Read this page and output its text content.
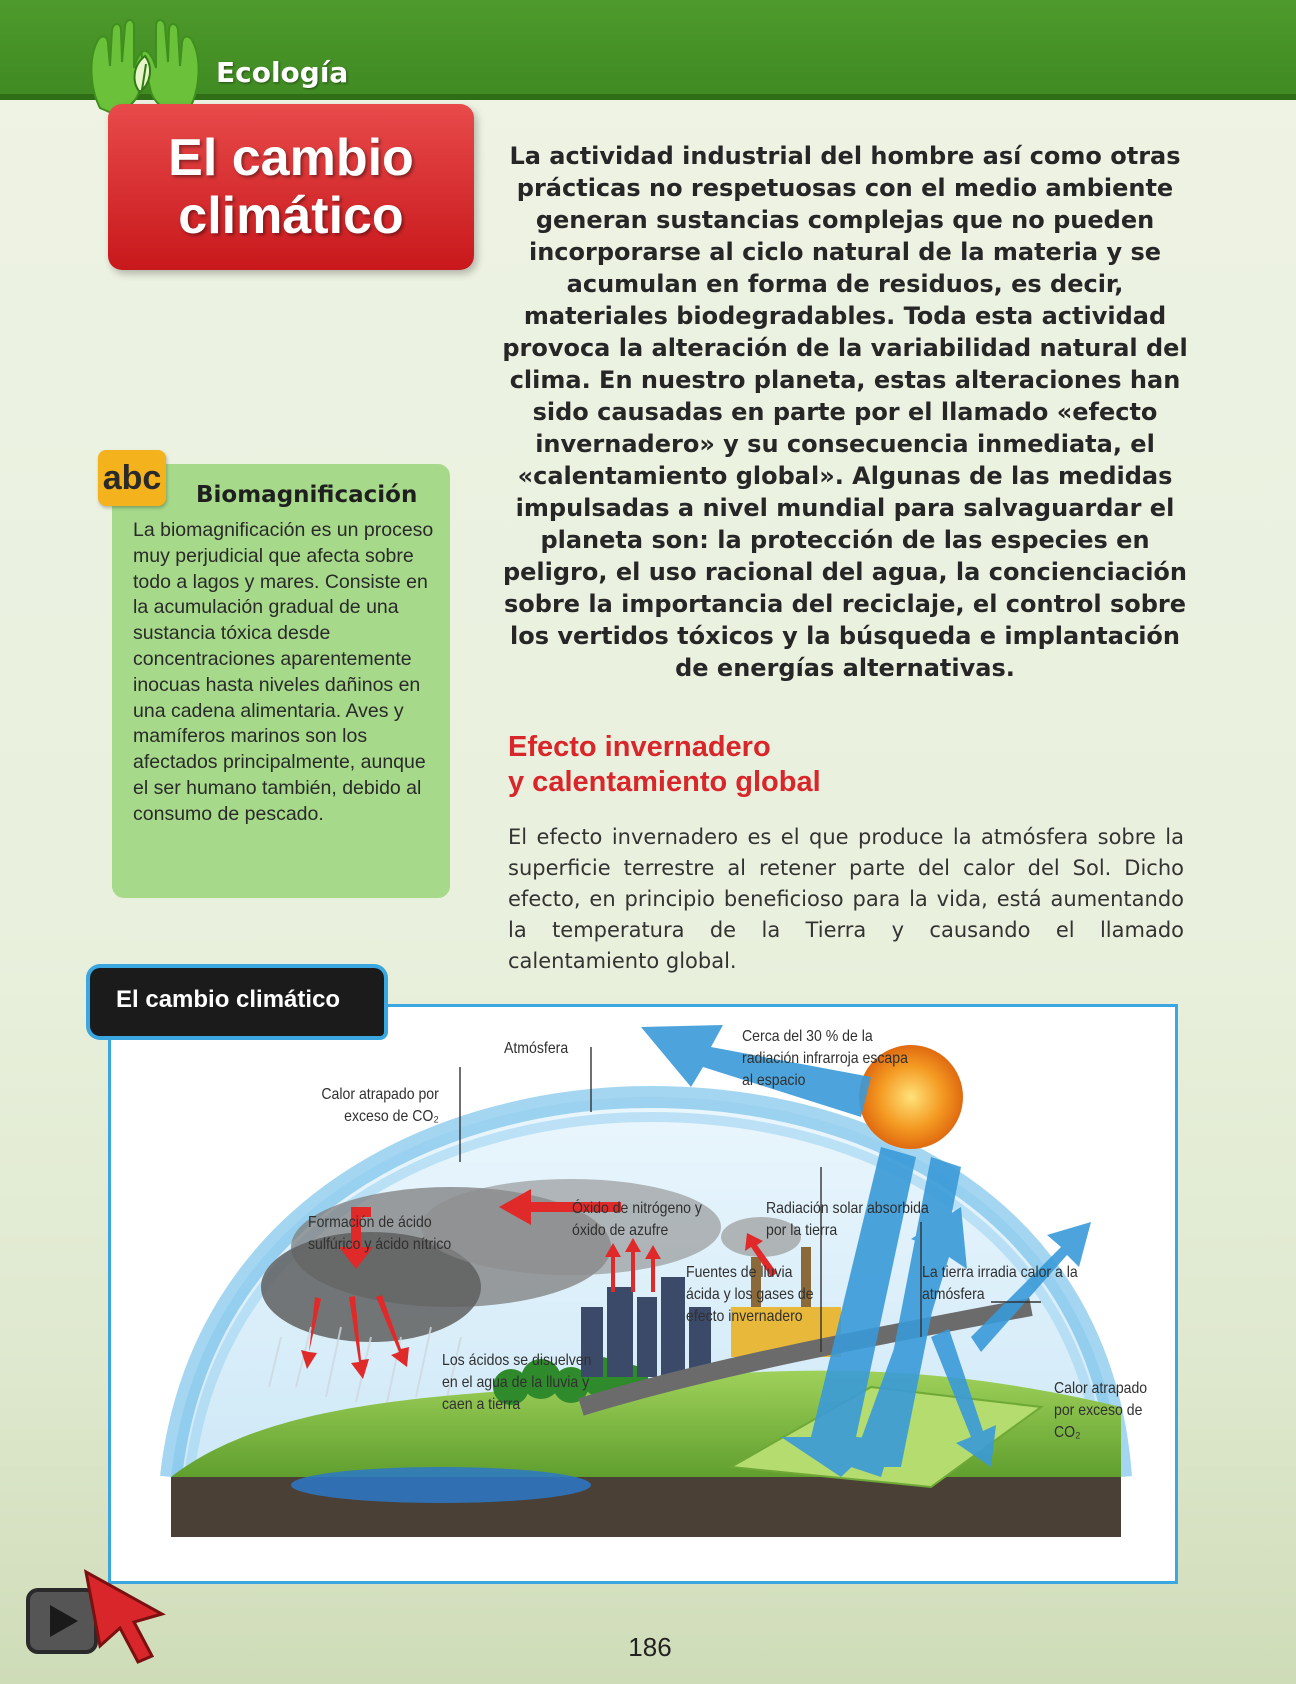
Ecología
El cambio climático
La actividad industrial del hombre así como otras prácticas no respetuosas con el medio ambiente generan sustancias complejas que no pueden incorporarse al ciclo natural de la materia y se acumulan en forma de residuos, es decir, materiales biodegradables. Toda esta actividad provoca la alteración de la variabilidad natural del clima. En nuestro planeta, estas alteraciones han sido causadas en parte por el llamado «efecto invernadero» y su consecuencia inmediata, el «calentamiento global». Algunas de las medidas impulsadas a nivel mundial para salvaguardar el planeta son: la protección de las especies en peligro, el uso racional del agua, la concienciación sobre la importancia del reciclaje, el control sobre los vertidos tóxicos y la búsqueda e implantación de energías alternativas.
abc Biomagnificación
La biomagnificación es un proceso muy perjudicial que afecta sobre todo a lagos y mares. Consiste en la acumulación gradual de una sustancia tóxica desde concentraciones aparentemente inocuas hasta niveles dañinos en una cadena alimentaria. Aves y mamíferos marinos son los afectados principalmente, aunque el ser humano también, debido al consumo de pescado.
Efecto invernadero
y calentamiento global
El efecto invernadero es el que produce la atmósfera sobre la superficie terrestre al retener parte del calor del Sol. Dicho efecto, en principio beneficioso para la vida, está aumentando la temperatura de la Tierra y causando el llamado calentamiento global.
Atmósfera
Cerca del 30 % de la radiación infrarroja escapa al espacio
Calor atrapado por exceso de CO₂
Formación de ácido sulfúrico y ácido nítrico
Óxido de nitrógeno y óxido de azufre
Radiación solar absorbida por la tierra
Fuentes de lluvia ácida y los gases de efecto invernadero
La tierra irradia calor a la atmósfera
Los ácidos se disuelven en el agua de la lluvia y caen a tierra
Calor atrapado por exceso de CO₂
El cambio climático
186
